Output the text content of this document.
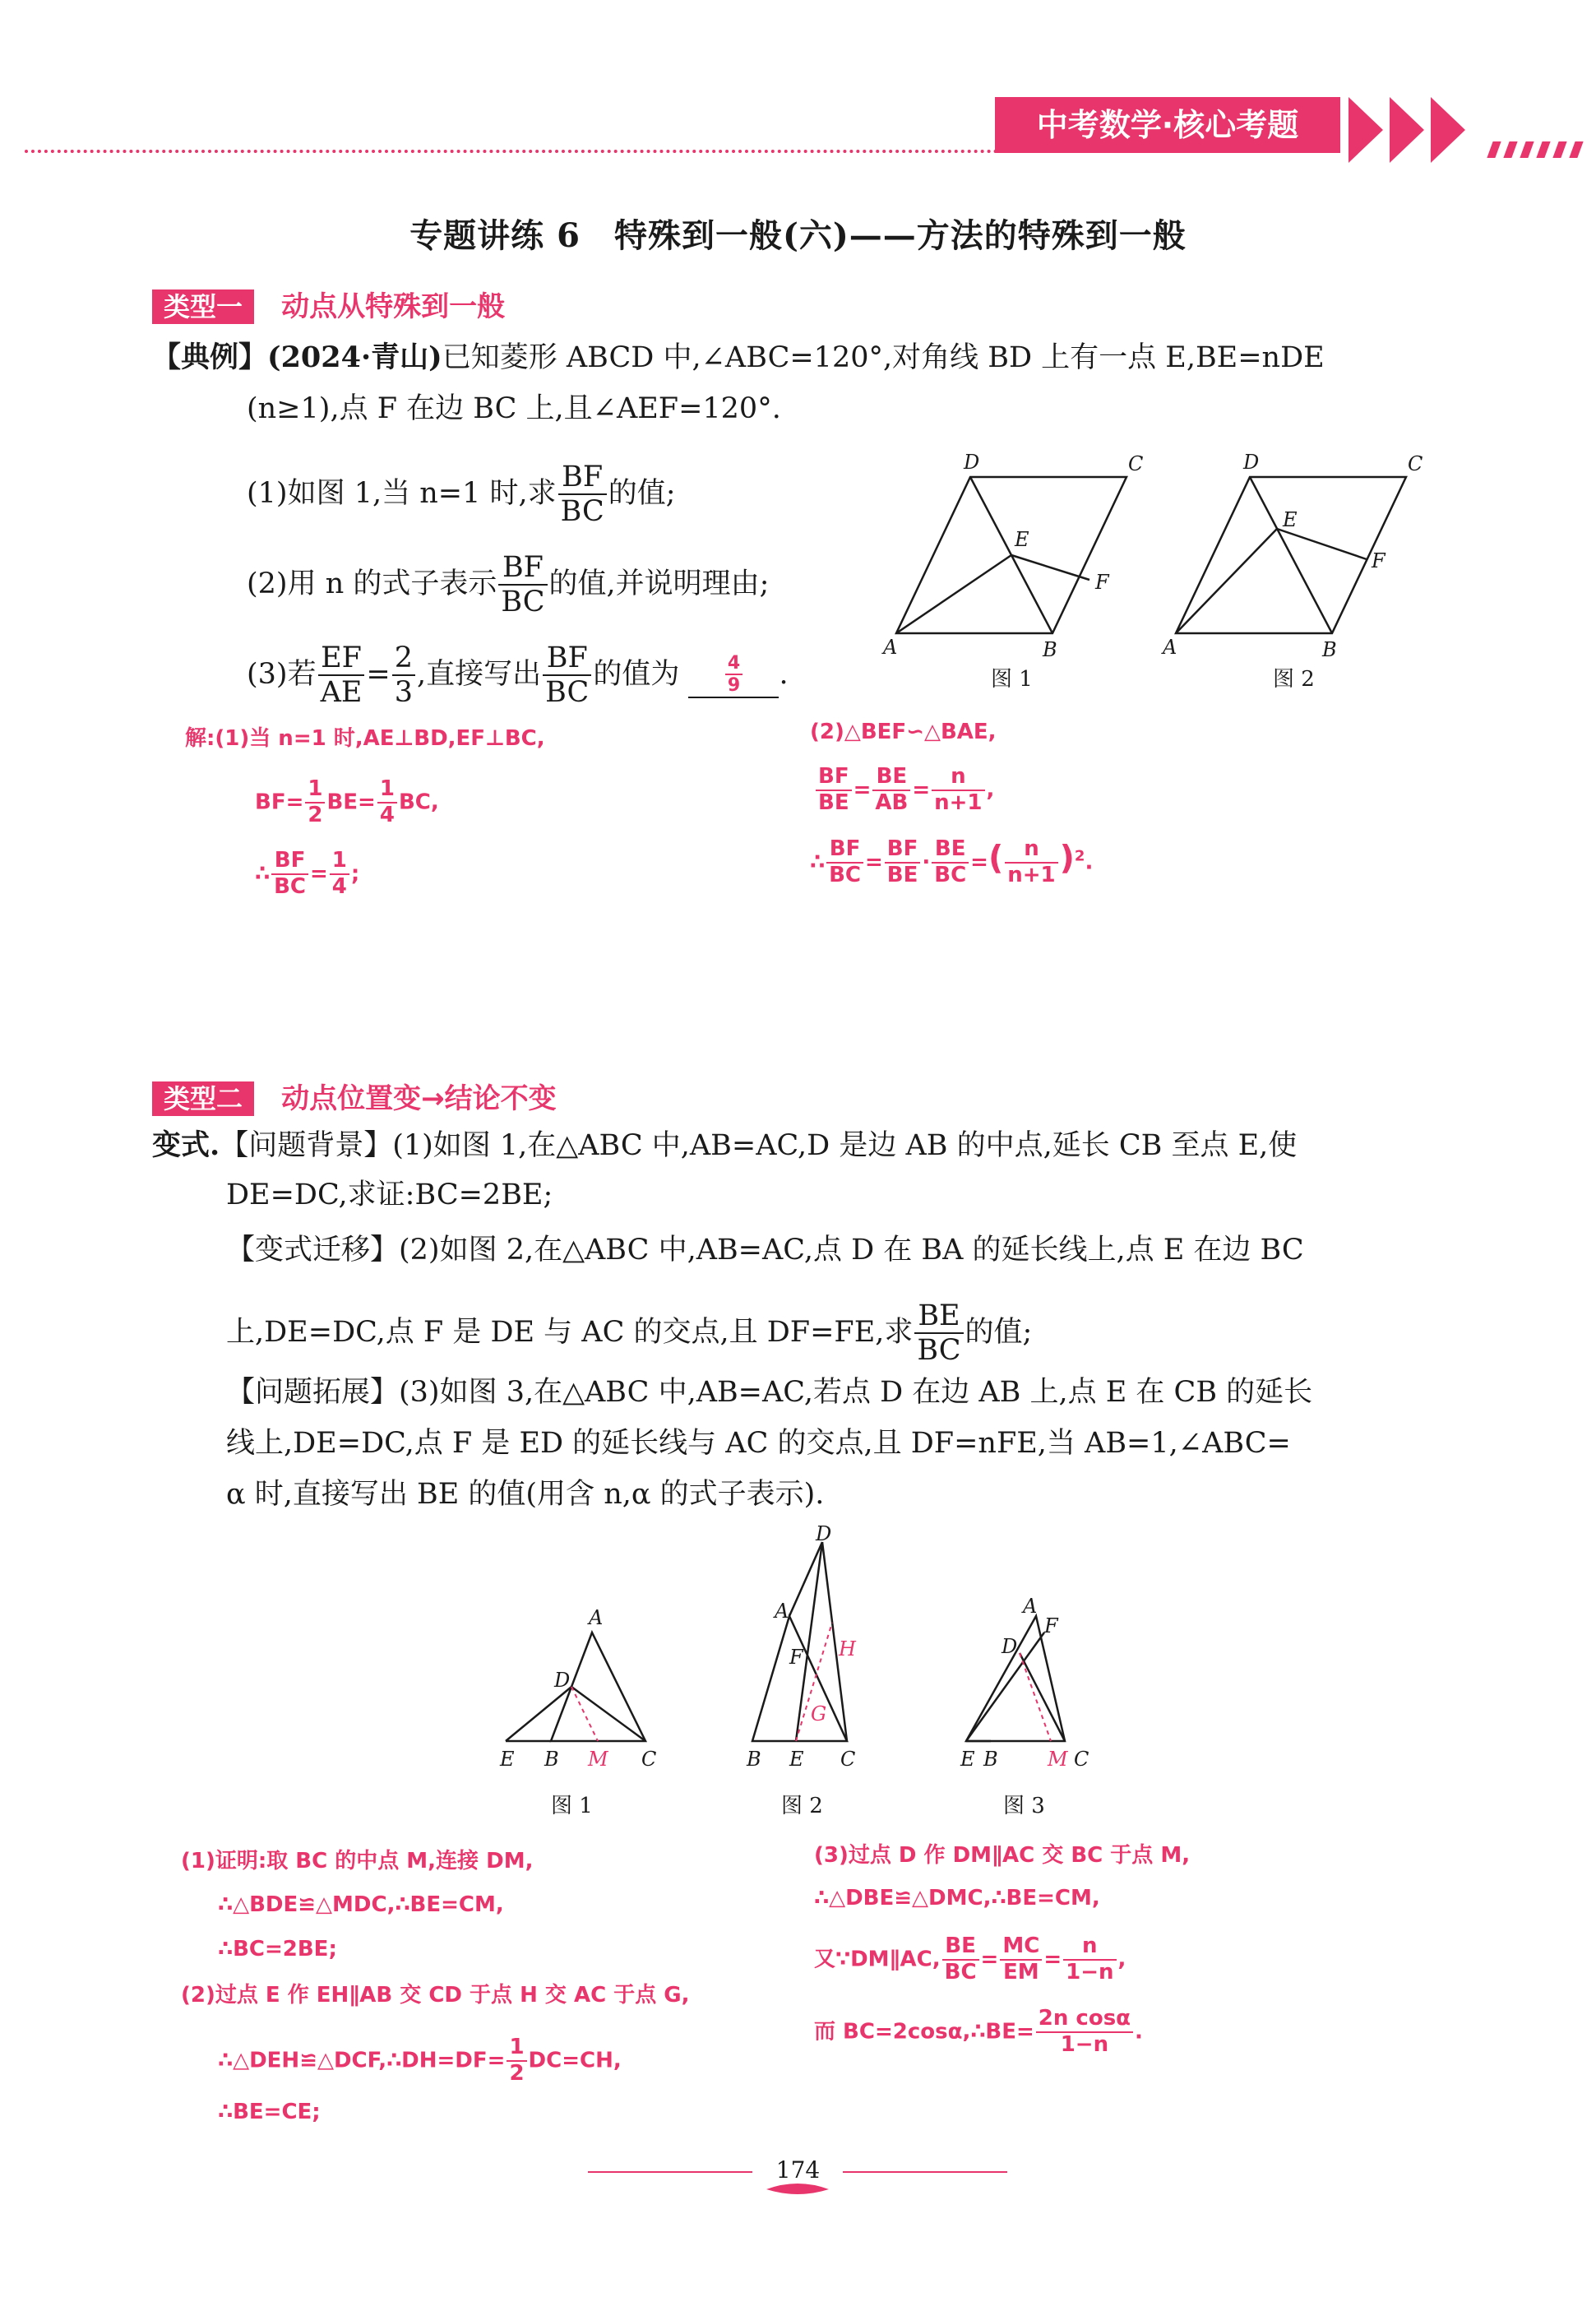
中考数学·核心考题
ZHONGKAOSHUXUE · HEXINKAOTI
专题讲练 6　特殊到一般(六)——方法的特殊到一般
类型一 动点从特殊到一般
【典例】(2024·青山)已知菱形 ABCD 中,∠ABC=120°,对角线 BD 上有一点 E,BE=nDE
(n≥1),点 F 在边 BC 上,且∠AEF=120°.
(1)如图 1,当 n=1 时,求 $\frac{BF}{BC}$ 的值;
(2)用 n 的式子表示 $\frac{BF}{BC}$ 的值,并说明理由;
(3)若 $\frac{EF}{AE} = \frac{2}{3}$ ,直接写出 $\frac{BF}{BC}$ 的值为	$\frac{4}{9}$ .
A	B
C
D
E
F
A	B
C
D
E
F
图 1	图 2
解:(1)当 n=1 时,AE⊥BD,EF⊥BC,
$BF= \frac{1}{2} BE= \frac{1}{4}$ BC,
∴ $\frac{BF}{BC} = \frac{1}{4}$ ;
(2)△BEF∽△BAE,
$\frac{BF}{BE} = \frac{BE}{AB} = \frac{n}{n+1}$ ,
∴ $\frac{BF}{BC} = \frac{BF}{BE} \cdot \frac{BE}{BC}$ =( $\frac{n}{n+1} )^2$.
类型二 动点位置变→结论不变
变式.【问题背景】(1)如图 1,在△ABC 中,AB=AC,D 是边 AB 的中点,延长 CB 至点 E,使
DE=DC,求证:BC=2BE;
【变式迁移】(2)如图 2,在△ABC 中,AB=AC,点 D 在 BA 的延长线上,点 E 在边 BC
上,DE=DC,点 F 是 DE 与 AC 的交点,且 DF=FE,求 $\frac{BE}{BC}$ 的值;
【问题拓展】(3)如图 3,在△ABC 中,AB=AC,若点 D 在边 AB 上,点 E 在 CB 的延长
线上,DE=DC,点 F 是 ED 的延长线与 AC 的交点,且 DF=nFE,当 AB=1,∠ABC=
α 时,直接写出 BE 的值(用含 n,α 的式子表示).
A
B	C
D
E	M
A
B	C
D
E
F
G
H
A
B	C
D
E
F
M
图 1	图 2	图 3
(1)证明:取 BC 的中点 M,连接 DM,
∴△BDE≌△MDC,∴BE=CM,
∴BC=2BE;
(2)过点 E 作 EH∥AB 交 CD 于点 H 交 AC 于点 G,
∴△DEH≌△DCF,∴DH=DF= $\frac{1}{2} DC=CH$,
∴BE=CE;
(3)过点 D 作 DM∥AC 交 BC 于点 M,
∴△DBE≌△DMC,∴BE=CM,
又∵DM∥AC, $\frac{BE}{BC} = \frac{MC}{EM} = \frac{n}{1-n}$ ,
而 BC=2cosα,∴BE= $\frac{\text{2n cosα}}{1-n}$ .
174
